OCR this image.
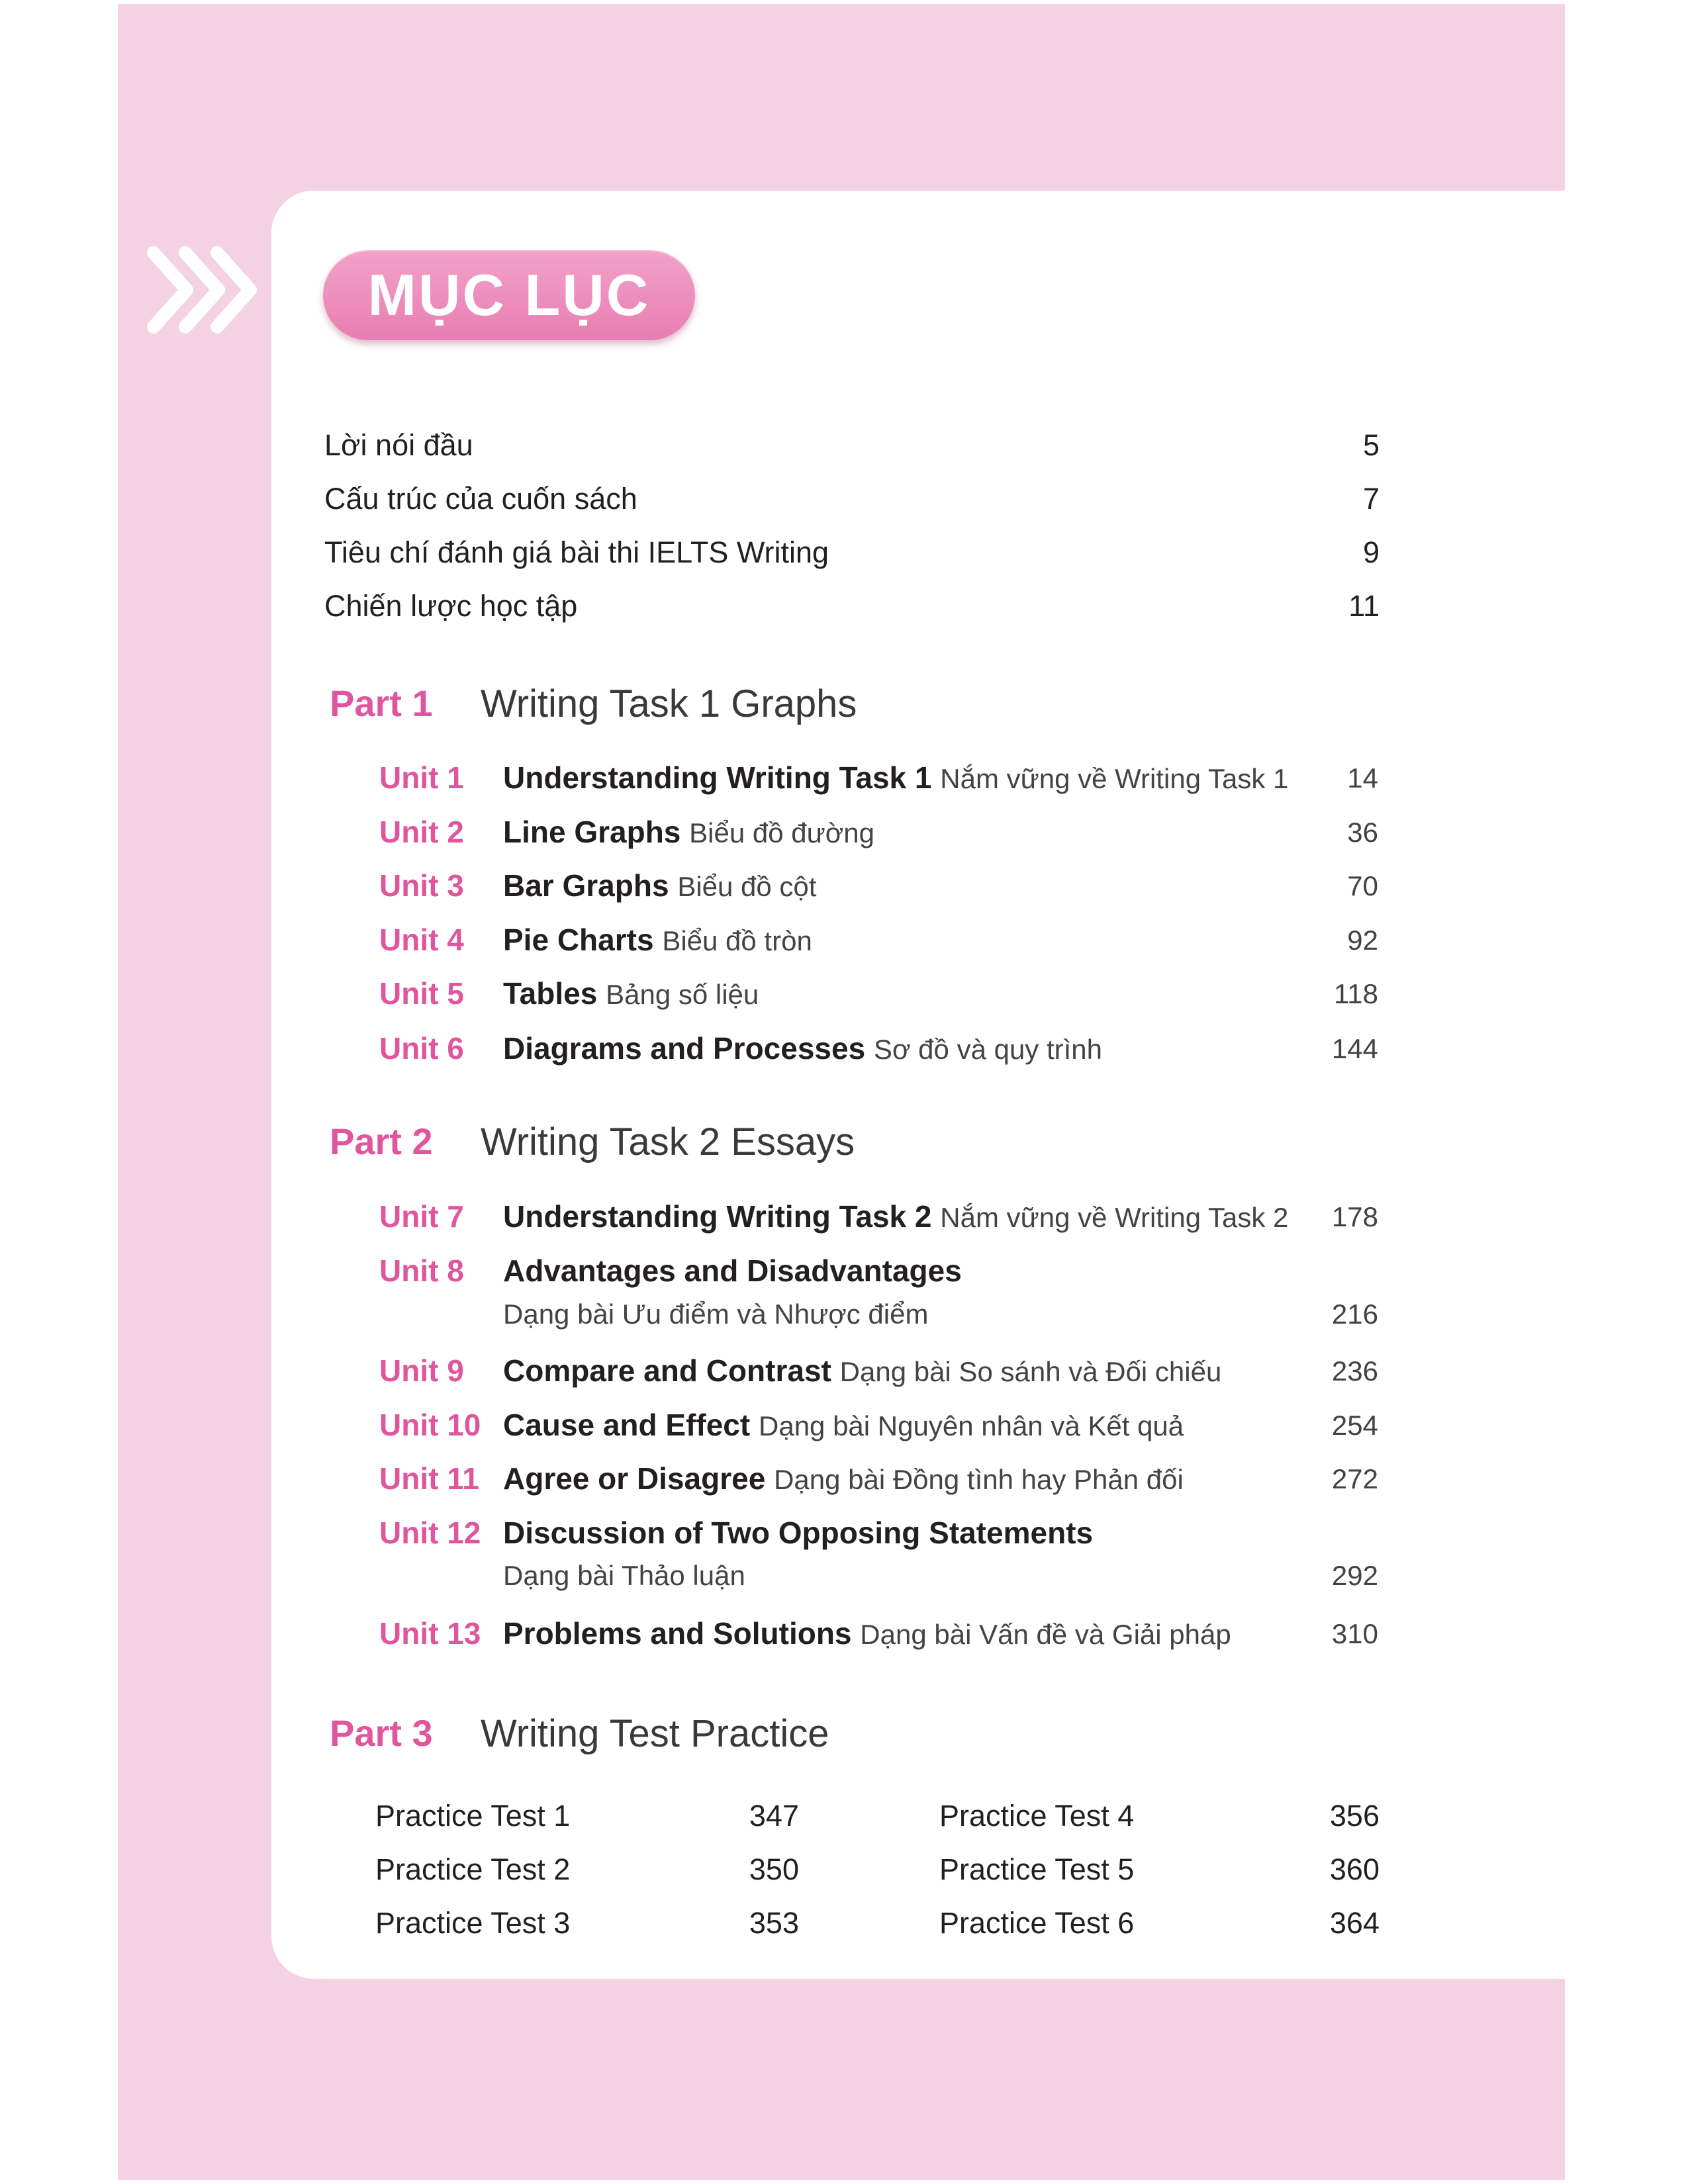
MỤC LỤC
Lời nói đầu	5
Cấu trúc của cuốn sách	7
Tiêu chí đánh giá bài thi IELTS Writing	9
Chiến lược học tập	11
Part 1 Writing Task 1 Graphs
Unit 1 Understanding Writing Task 1 Nắm vững về Writing Task 1 14
Unit 2 Line Graphs Biểu đồ đường	36
Unit 3 Bar Graphs Biểu đồ cột	70
Unit 4 Pie Charts Biểu đồ tròn	92
Unit 5 Tables Bảng số liệu	118
Unit 6 Diagrams and Processes Sơ đồ và quy trình	144
Part 2 Writing Task 2 Essays
Unit 7 Understanding Writing Task 2 Nắm vững về Writing Task 2 178
Unit 8 Advantages and Disadvantages
Dạng bài Ưu điểm và Nhược điểm	216
Unit 9 Compare and Contrast Dạng bài So sánh và Đối chiếu	236
Unit 10 Cause and Effect Dạng bài Nguyên nhân và Kết quả	254
Unit 11 Agree or Disagree Dạng bài Đồng tình hay Phản đối	272
Unit 12 Discussion of Two Opposing Statements
Dạng bài Thảo luận	292
Unit 13 Problems and Solutions Dạng bài Vấn đề và Giải pháp	310
Part 3 Writing Test Practice
Practice Test 1	347
Practice Test 2	350
Practice Test 3	353
Practice Test 4	356
Practice Test 5	360
Practice Test 6	364
